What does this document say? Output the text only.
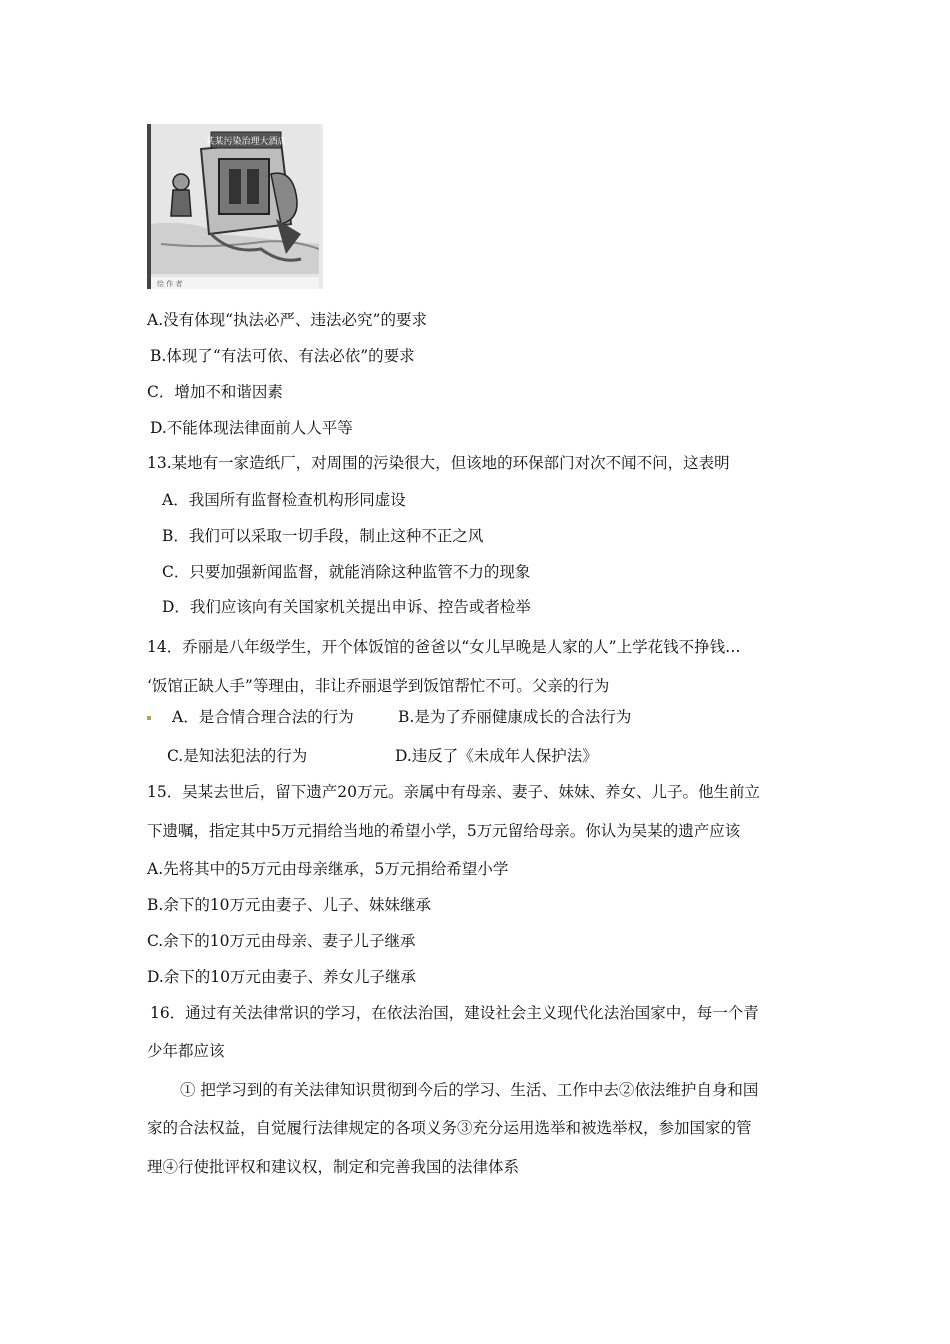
某某污染治理大酒店
绘 作 者
A.没有体现“执法必严、违法必究”的要求
B.体现了“有法可依、有法必依”的要求
C．增加不和谐因素
D.不能体现法律面前人人平等
13.某地有一家造纸厂，对周围的污染很大，但该地的环保部门对次不闻不问，这表明
A．我国所有监督检查机构形同虚设
B．我们可以采取一切手段，制止这种不正之风
C．只要加强新闻监督，就能消除这种监管不力的现象
D．我们应该向有关国家机关提出申诉、控告或者检举
14．乔丽是八年级学生，开个体饭馆的爸爸以“女儿早晚是人家的人”上学花钱不挣钱…
‘饭馆正缺人手”等理由，非让乔丽退学到饭馆帮忙不可。父亲的行为
A．是合情合理合法的行为	B.是为了乔丽健康成长的合法行为
C.是知法犯法的行为	D.违反了《未成年人保护法》
15．吴某去世后，留下遗产20万元。亲属中有母亲、妻子、妹妹、养女、儿子。他生前立
下遗嘱，指定其中5万元捐给当地的希望小学，5万元留给母亲。你认为吴某的遗产应该
A.先将其中的5万元由母亲继承，5万元捐给希望小学
B.余下的10万元由妻子、儿子、妹妹继承
C.余下的10万元由母亲、妻子儿子继承
D.余下的10万元由妻子、养女儿子继承
16．通过有关法律常识的学习，在依法治国，建设社会主义现代化法治国家中，每一个青
少年都应该
① 把学习到的有关法律知识贯彻到今后的学习、生活、工作中去②依法维护自身和国
家的合法权益，自觉履行法律规定的各项义务③充分运用选举和被选举权，参加国家的管
理④行使批评权和建议权，制定和完善我国的法律体系
